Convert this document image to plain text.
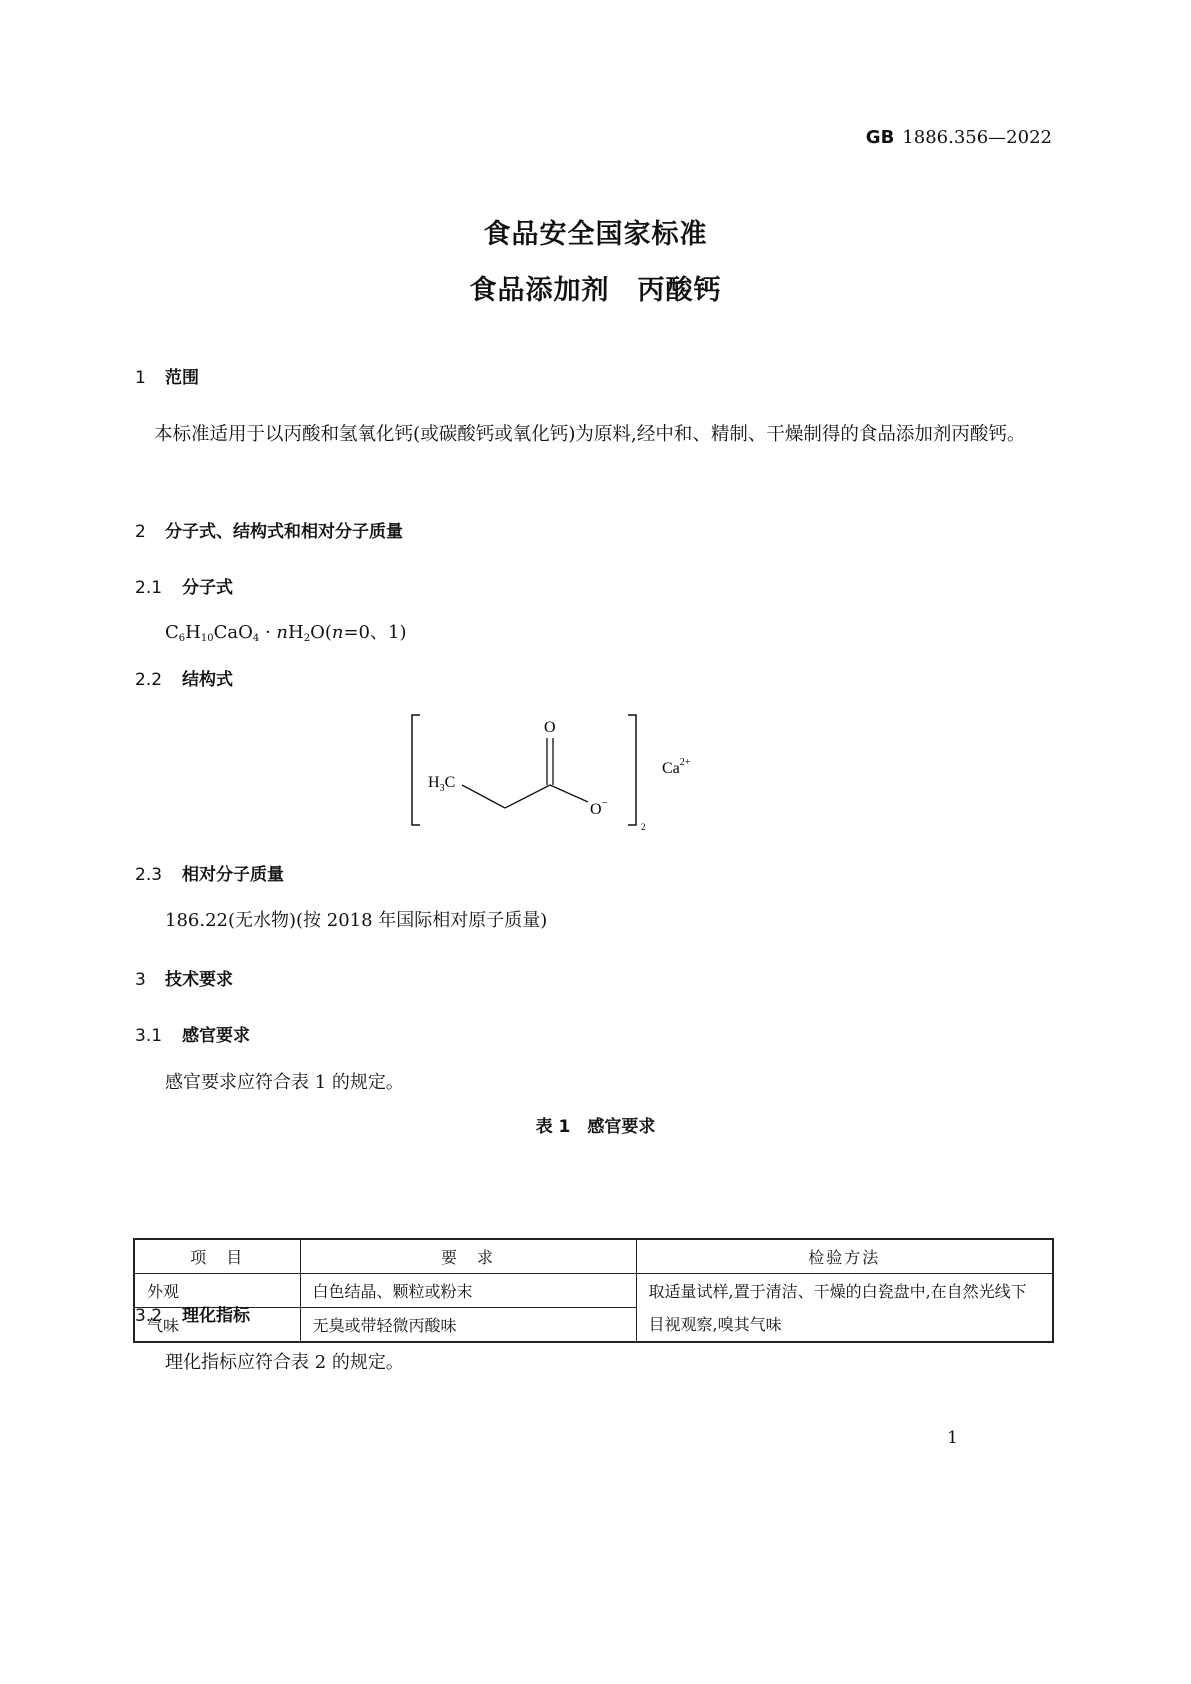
GB 1886.356—2022
食品安全国家标准
食品添加剂　丙酸钙
1 范围
本标准适用于以丙酸和氢氧化钙(或碳酸钙或氧化钙)为原料,经中和、精制、干燥制得的食品添加剂丙酸钙。
2 分子式、结构式和相对分子质量
2.1 分子式
$C_6H_{10}CaO_4 \cdot nH_2O(n=0$、1)
2.2 结构式
O
$H_3C$
O−
2
$Ca^{2+}$
2.3 相对分子质量
186.22(无水物)(按 2018 年国际相对原子质量)
3 技术要求
3.1 感官要求
感官要求应符合表 1 的规定。
表 1　感官要求
项　目	要　求	检验方法
外观	白色结晶、颗粒或粉末	取适量试样,置于清洁、干燥的白瓷盘中,在自然光线下目视观察,嗅其气味
气味	无臭或带轻微丙酸味	
3.2 理化指标
理化指标应符合表 2 的规定。
1
